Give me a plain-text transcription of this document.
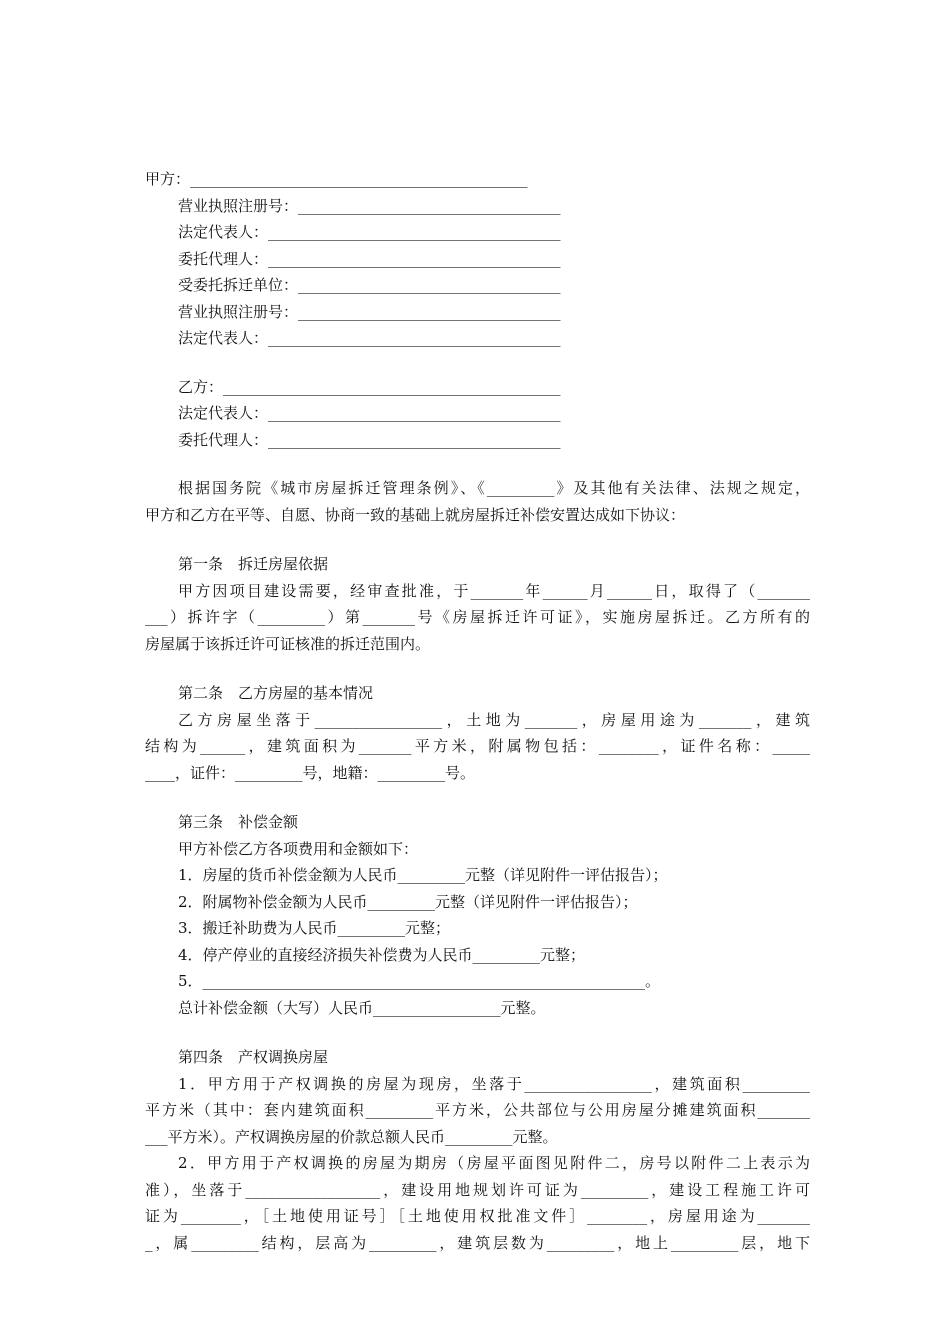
甲方：_____________________________________________
营业执照注册号：___________________________________
法定代表人：_______________________________________
委托代理人：_______________________________________
受委托拆迁单位：___________________________________
营业执照注册号：___________________________________
法定代表人：_______________________________________
乙方：_____________________________________________
法定代表人：_______________________________________
委托代理人：_______________________________________
根据国务院《城市房屋拆迁管理条例》、《_________》及其他有关法律、法规之规定，
甲方和乙方在平等、自愿、协商一致的基础上就房屋拆迁补偿安置达成如下协议：
第一条　拆迁房屋依据
甲方因项目建设需要，经审查批准，于_______年______月______日，取得了（_______
___）拆许字（_________）第_______号《房屋拆迁许可证》，实施房屋拆迁。乙方所有的
房屋属于该拆迁许可证核准的拆迁范围内。
第二条　乙方房屋的基本情况
乙方房屋坐落于_________________，土地为_______，房屋用途为_______，建筑
结构为______，建筑面积为_______平方米，附属物包括：________，证件名称：_____
____，证件：_________号，地籍：_________号。
第三条　补偿金额
甲方补偿乙方各项费用和金额如下：
1．房屋的货币补偿金额为人民币_________元整（详见附件一评估报告）；
2．附属物补偿金额为人民币_________元整（详见附件一评估报告）；
3．搬迁补助费为人民币_________元整；
4．停产停业的直接经济损失补偿费为人民币_________元整；
5．___________________________________________________________。
总计补偿金额（大写）人民币_________________元整。
第四条　产权调换房屋
1．甲方用于产权调换的房屋为现房，坐落于_________________，建筑面积_________
平方米（其中：套内建筑面积_________平方米，公共部位与公用房屋分摊建筑面积_______
___平方米）。产权调换房屋的价款总额人民币_________元整。
2．甲方用于产权调换的房屋为期房（房屋平面图见附件二，房号以附件二上表示为
准），坐落于__________________，建设用地规划许可证为_________，建设工程施工许可
证为________，［土地使用证号］［土地使用权批准文件］________，房屋用途为_______
_，属_________结构，层高为_________，建筑层数为_________，地上_________层，地下
